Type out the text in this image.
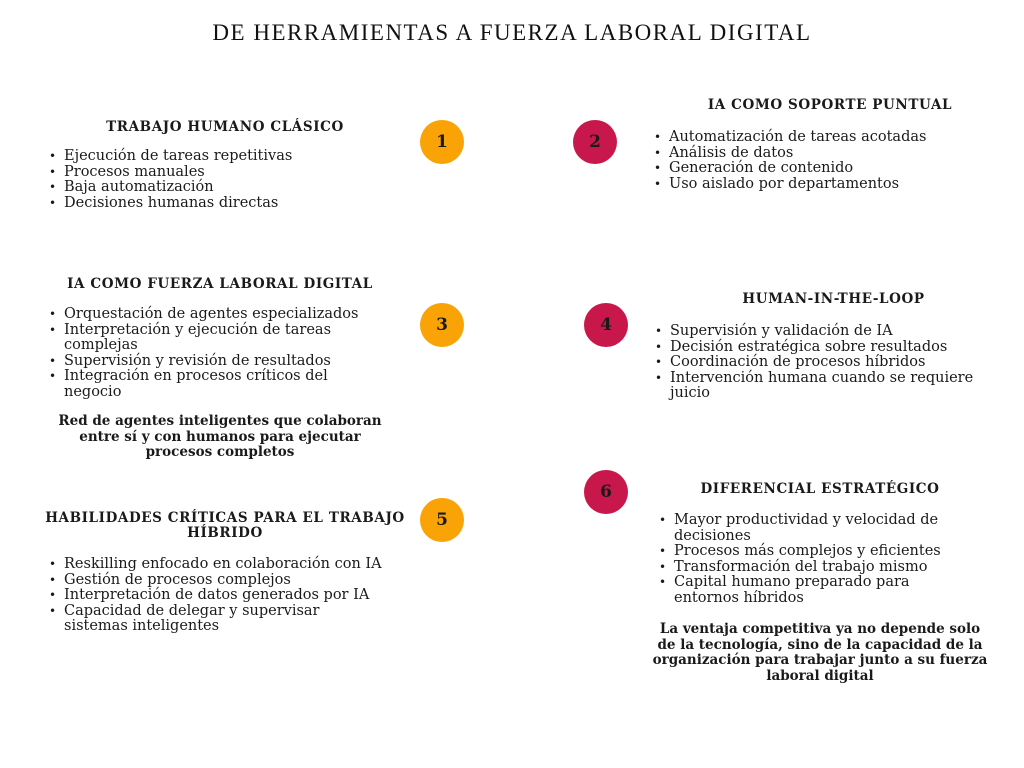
DE HERRAMIENTAS A FUERZA LABORAL DIGITAL
TRABAJO HUMANO CLÁSICO
• Ejecución de tareas repetitivas
• Procesos manuales
• Baja automatización
• Decisiones humanas directas
1	2
IA COMO SOPORTE PUNTUAL
• Automatización de tareas acotadas
• Análisis de datos
• Generación de contenido
• Uso aislado por departamentos
IA COMO FUERZA LABORAL DIGITAL
• Orquestación de agentes especializados
• Interpretación y ejecución de tareas complejas
• Supervisión y revisión de resultados
• Integración en procesos críticos del negocio

Red de agentes inteligentes que colaboran entre sí y con humanos para ejecutar procesos completos

3	4
HUMAN-IN-THE-LOOP
• Supervisión y validación de IA
• Decisión estratégica sobre resultados
• Coordinación de procesos híbridos
• Intervención humana cuando se requiere juicio
HABILIDADES CRÍTICAS PARA EL TRABAJO HÍBRIDO
• Reskilling enfocado en colaboración con IA
• Gestión de procesos complejos
• Interpretación de datos generados por IA
• Capacidad de delegar y supervisar sistemas inteligentes
5
6	DIFERENCIAL ESTRATÉGICO
• Mayor productividad y velocidad de decisiones
• Procesos más complejos y eficientes
• Transformación del trabajo mismo
• Capital humano preparado para entornos híbridos

La ventaja competitiva ya no depende solo de la tecnología, sino de la capacidad de la organización para trabajar junto a su fuerza laboral digital
